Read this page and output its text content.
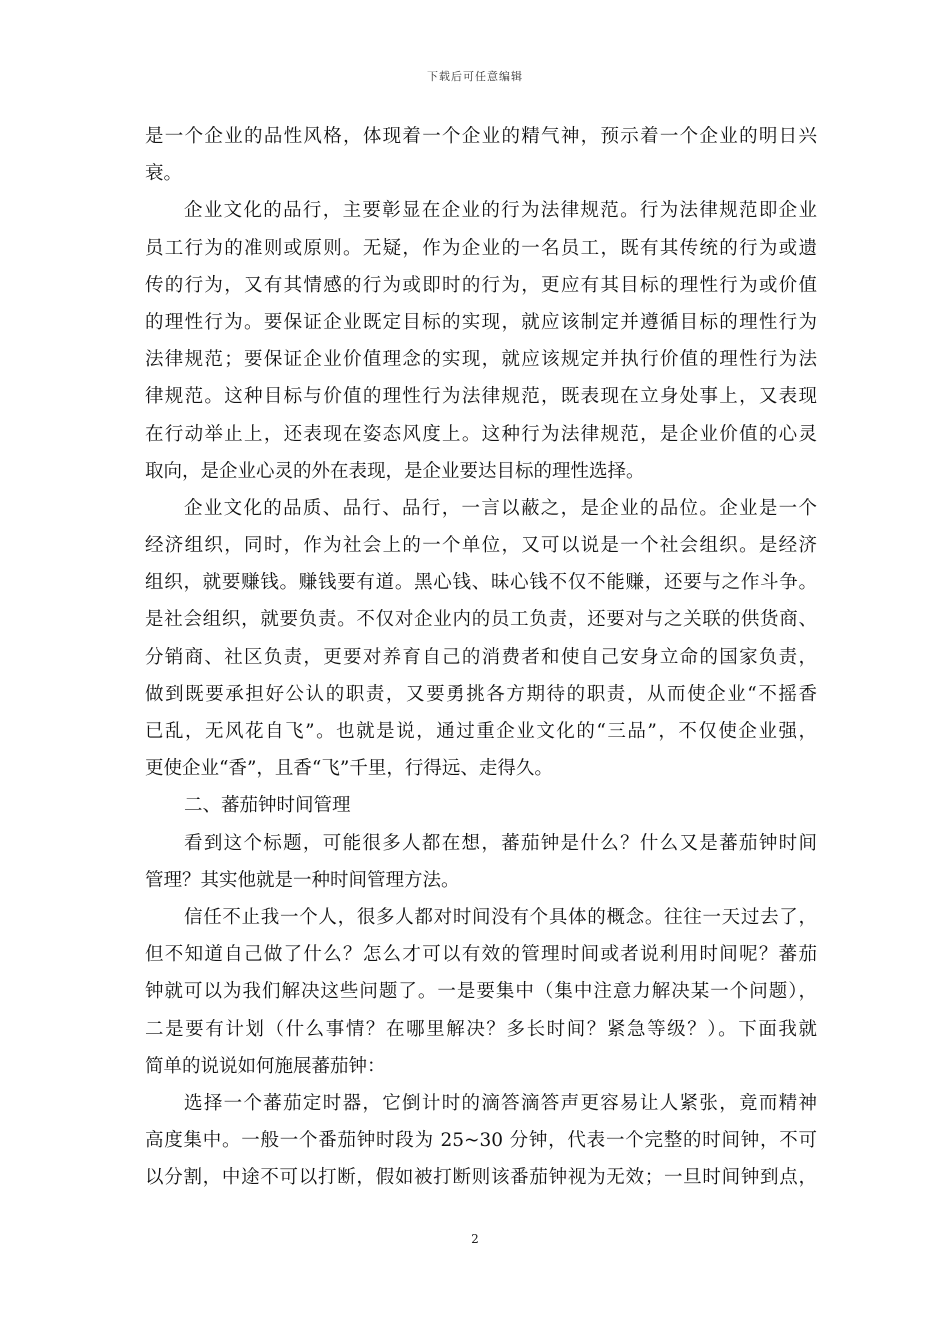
下载后可任意编辑
是一个企业的品性风格，体现着一个企业的精气神，预示着一个企业的明日兴
衰。
企业文化的品行，主要彰显在企业的行为法律规范。行为法律规范即企业
员工行为的准则或原则。无疑，作为企业的一名员工，既有其传统的行为或遗
传的行为，又有其情感的行为或即时的行为，更应有其目标的理性行为或价值
的理性行为。要保证企业既定目标的实现，就应该制定并遵循目标的理性行为
法律规范；要保证企业价值理念的实现，就应该规定并执行价值的理性行为法
律规范。这种目标与价值的理性行为法律规范，既表现在立身处事上，又表现
在行动举止上，还表现在姿态风度上。这种行为法律规范，是企业价值的心灵
取向，是企业心灵的外在表现，是企业要达目标的理性选择。
企业文化的品质、品行、品行，一言以蔽之，是企业的品位。企业是一个
经济组织，同时，作为社会上的一个单位，又可以说是一个社会组织。是经济
组织，就要赚钱。赚钱要有道。黑心钱、昧心钱不仅不能赚，还要与之作斗争。
是社会组织，就要负责。不仅对企业内的员工负责，还要对与之关联的供货商、
分销商、社区负责，更要对养育自己的消费者和使自己安身立命的国家负责，
做到既要承担好公认的职责，又要勇挑各方期待的职责，从而使企业“不摇香
已乱，无风花自飞”。也就是说，通过重企业文化的“三品”，不仅使企业强，
更使企业“香”，且香“飞”千里，行得远、走得久。
二、蕃茄钟时间管理
看到这个标题，可能很多人都在想，蕃茄钟是什么？什么又是蕃茄钟时间
管理？其实他就是一种时间管理方法。
信任不止我一个人，很多人都对时间没有个具体的概念。往往一天过去了，
但不知道自己做了什么？怎么才可以有效的管理时间或者说利用时间呢？蕃茄
钟就可以为我们解决这些问题了。一是要集中（集中注意力解决某一个问题），
二是要有计划（什么事情？在哪里解决？多长时间？紧急等级？）。下面我就
简单的说说如何施展蕃茄钟：
选择一个蕃茄定时器，它倒计时的滴答滴答声更容易让人紧张，竟而精神
高度集中。一般一个番茄钟时段为 25~30 分钟，代表一个完整的时间钟，不可
以分割，中途不可以打断，假如被打断则该番茄钟视为无效；一旦时间钟到点，
2
